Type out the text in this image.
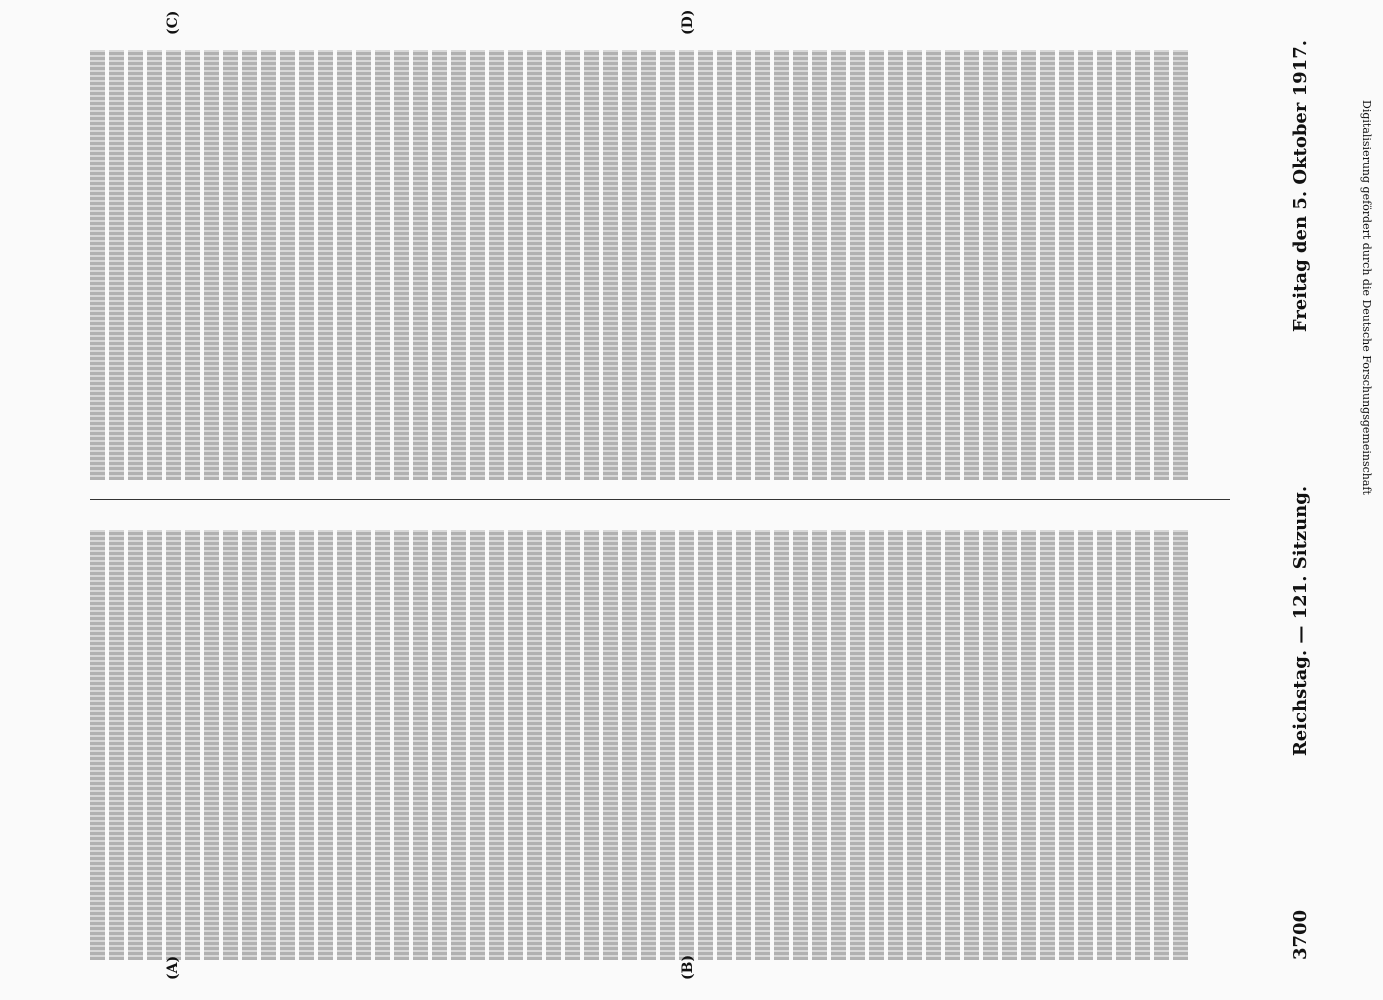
3700
Reichstag. — 121. Sitzung.
Freitag den 5. Oktober 1917.
(A)	(B)
(C)	(D)
Digitalisierung gefördert durch die Deutsche Forschungsgemeinschaft
